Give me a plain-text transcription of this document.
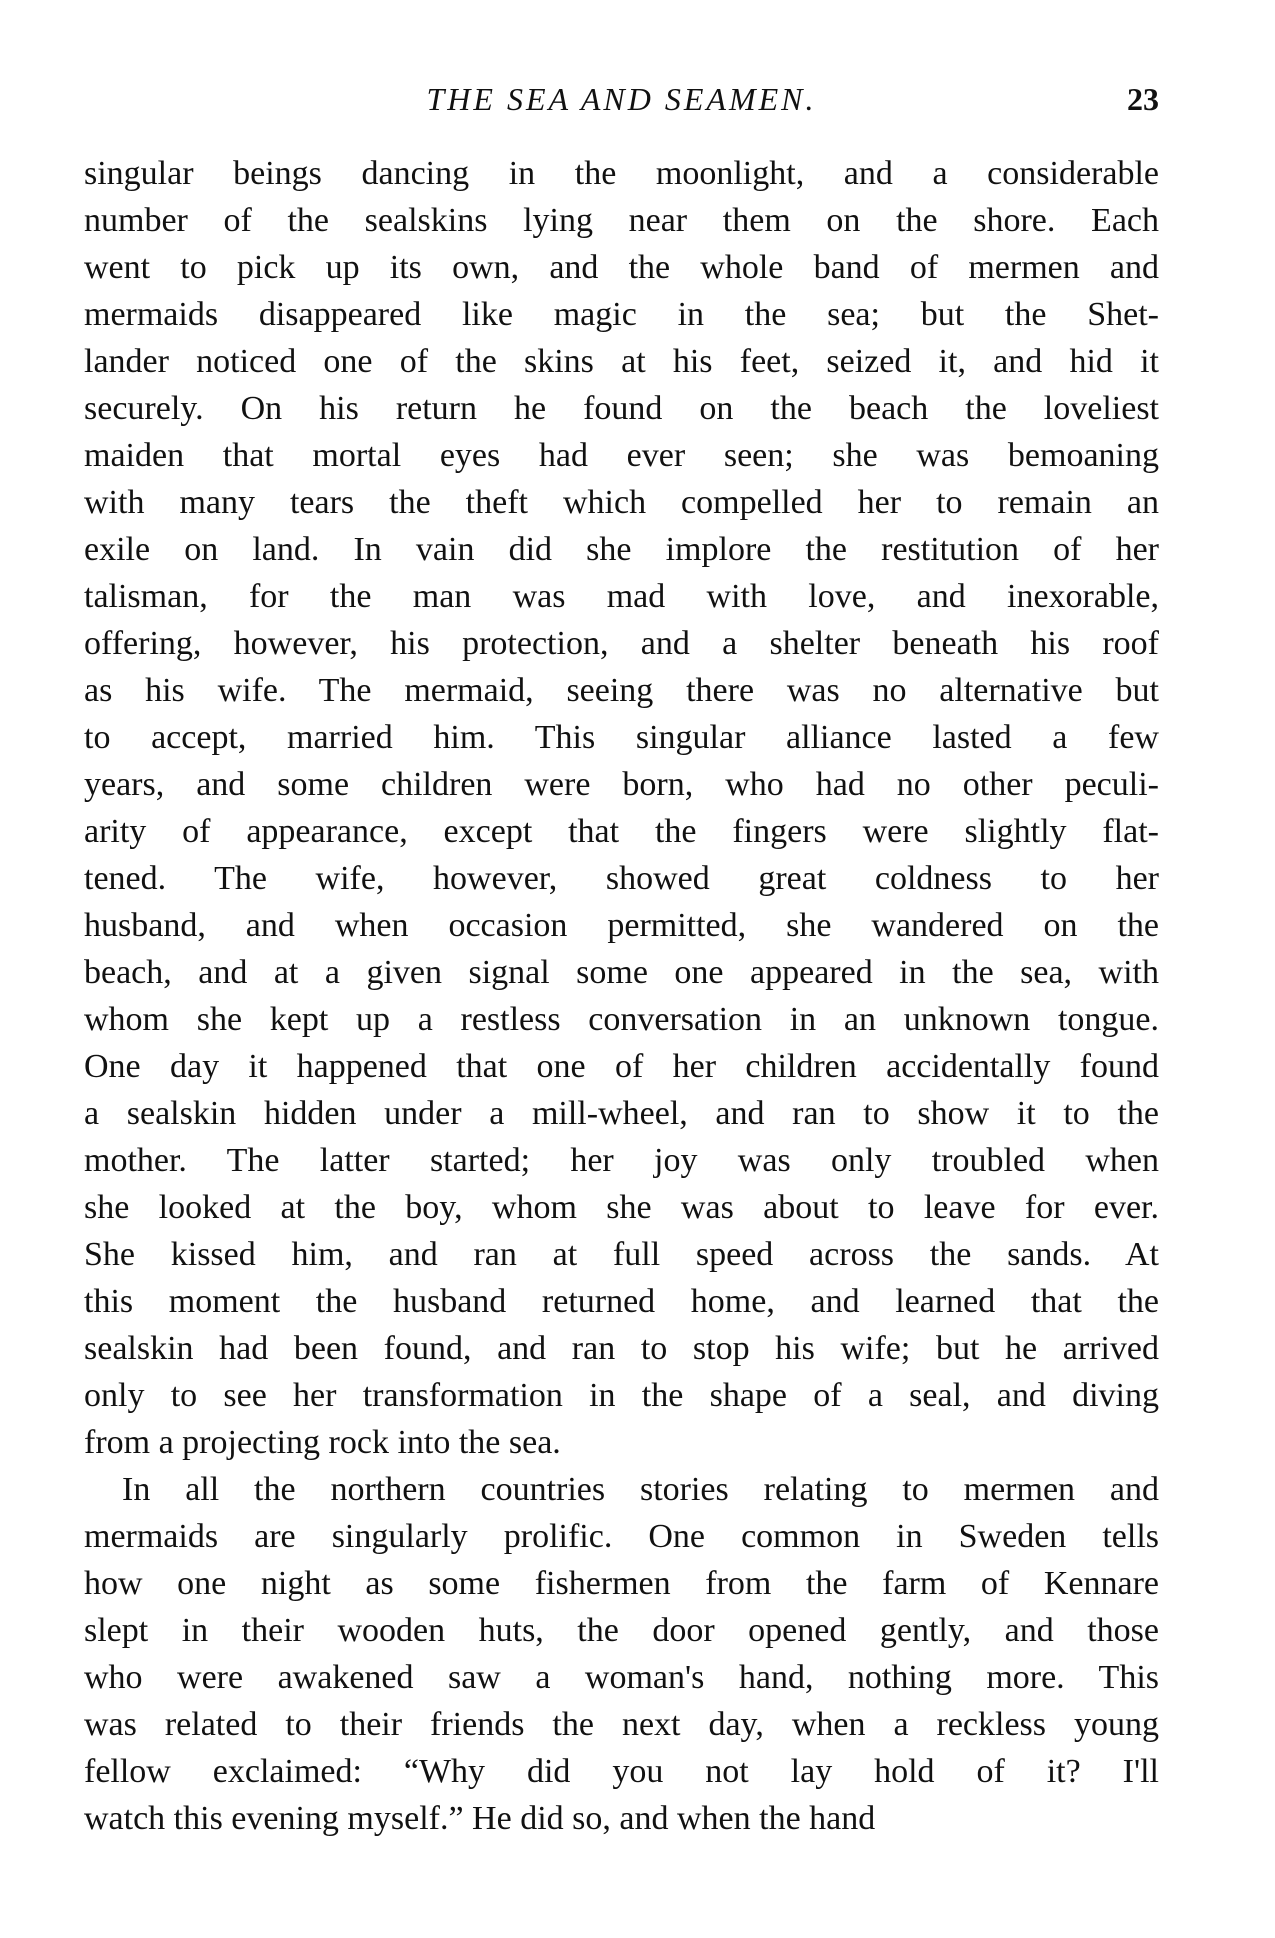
THE SEA AND SEAMEN.	23
singular beings dancing in the moonlight, and a considerable
number of the sealskins lying near them on the shore. Each
went to pick up its own, and the whole band of mermen and
mermaids disappeared like magic in the sea; but the Shet-
lander noticed one of the skins at his feet, seized it, and hid it
securely. On his return he found on the beach the loveliest
maiden that mortal eyes had ever seen; she was bemoaning
with many tears the theft which compelled her to remain an
exile on land. In vain did she implore the restitution of her
talisman, for the man was mad with love, and inexorable,
offering, however, his protection, and a shelter beneath his roof
as his wife. The mermaid, seeing there was no alternative but
to accept, married him. This singular alliance lasted a few
years, and some children were born, who had no other peculi-
arity of appearance, except that the fingers were slightly flat-
tened. The wife, however, showed great coldness to her
husband, and when occasion permitted, she wandered on the
beach, and at a given signal some one appeared in the sea, with
whom she kept up a restless conversation in an unknown tongue.
One day it happened that one of her children accidentally found
a sealskin hidden under a mill-wheel, and ran to show it to the
mother. The latter started; her joy was only troubled when
she looked at the boy, whom she was about to leave for ever.
She kissed him, and ran at full speed across the sands. At
this moment the husband returned home, and learned that the
sealskin had been found, and ran to stop his wife; but he arrived
only to see her transformation in the shape of a seal, and diving
from a projecting rock into the sea.
In all the northern countries stories relating to mermen and
mermaids are singularly prolific. One common in Sweden tells
how one night as some fishermen from the farm of Kennare
slept in their wooden huts, the door opened gently, and those
who were awakened saw a woman's hand, nothing more. This
was related to their friends the next day, when a reckless young
fellow exclaimed: “Why did you not lay hold of it? I'll
watch this evening myself.” He did so, and when the hand
